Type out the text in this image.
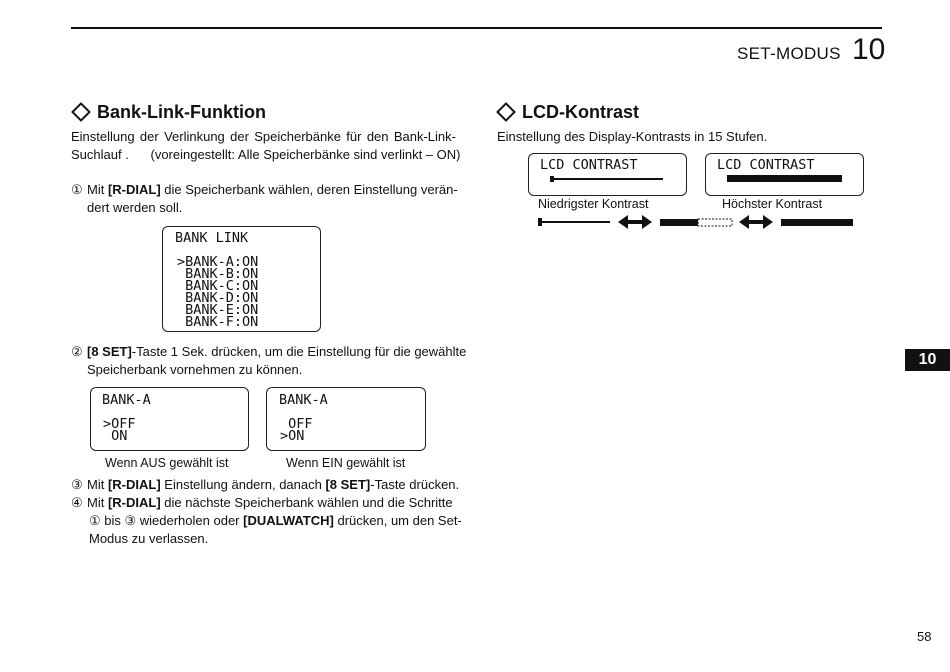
SET-MODUS 10
Bank-Link-Funktion
Einstellung der Verlinkung der Speicherbänke für den Bank-Link-
Suchlauf .      (voreingestellt: Alle Speicherbänke sind verlinkt – ON)
① Mit [R-DIAL] die Speicherbank wählen, deren Einstellung verän-
dert werden soll.
BANK LINK
>BANK-A:ON
BANK-B:ON
BANK-C:ON
BANK-D:ON
BANK-E:ON
BANK-F:ON
② [8 SET]-Taste 1 Sek. drücken, um die Einstellung für die gewählte
Speicherbank vornehmen zu können.
BANK-A
>OFF
ON
Wenn AUS gewählt ist
BANK-A
OFF
>ON
Wenn EIN gewählt ist
③ Mit [R-DIAL] Einstellung ändern, danach [8 SET]-Taste drücken.
④ Mit [R-DIAL] die nächste Speicherbank wählen und die Schritte
① bis ③ wiederholen oder [DUALWATCH] drücken, um den Set-
Modus zu verlassen.
LCD-Kontrast
Einstellung des Display-Kontrasts in 15 Stufen.
LCD CONTRAST
Niedrigster Kontrast
LCD CONTRAST
Höchster Kontrast
10
58
